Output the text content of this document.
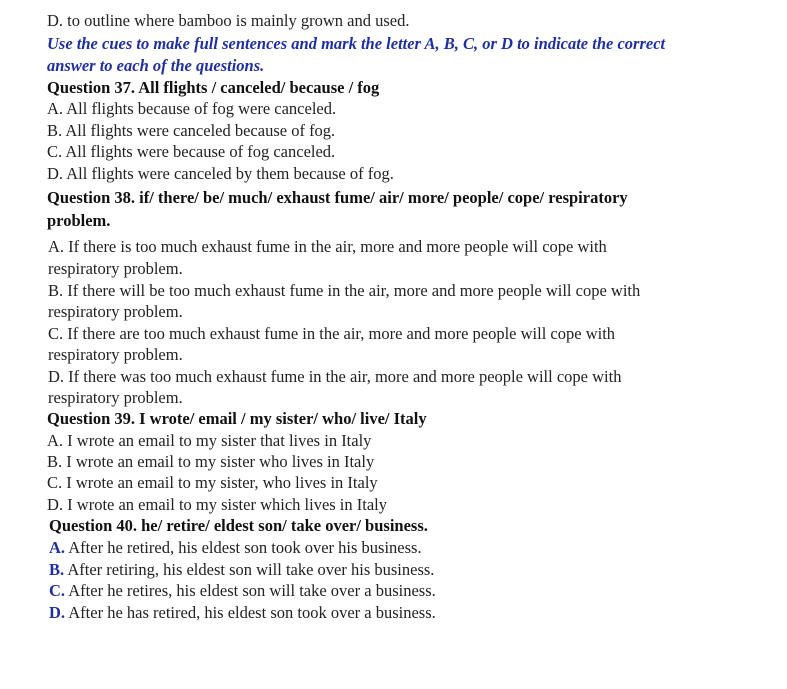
D. to outline where bamboo is mainly grown and used.
Use the cues to make full sentences and mark the letter A, B, C, or D to indicate the correct
answer to each of the questions.
Question 37. All flights / canceled/ because / fog
A. All flights because of fog were canceled.
B. All flights were canceled because of fog.
C. All flights were because of fog canceled.
D. All flights were canceled by them because of fog.
Question 38. if/ there/ be/ much/ exhaust fume/ air/ more/ people/ cope/ respiratory
problem.
A. If there is too much exhaust fume in the air, more and more people will cope with
respiratory problem.
B. If there will be too much exhaust fume in the air, more and more people will cope with
respiratory problem.
C. If there are too much exhaust fume in the air, more and more people will cope with
respiratory problem.
D. If there was too much exhaust fume in the air, more and more people will cope with
respiratory problem.
Question 39. I wrote/ email / my sister/ who/ live/ Italy
A. I wrote an email to my sister that lives in Italy
B. I wrote an email to my sister who lives in Italy
C. I wrote an email to my sister, who lives in Italy
D. I wrote an email to my sister which lives in Italy
Question 40. he/ retire/ eldest son/ take over/ business.
A. After he retired, his eldest son took over his business.
B. After retiring, his eldest son will take over his business.
C. After he retires, his eldest son will take over a business.
D. After he has retired, his eldest son took over a business.
